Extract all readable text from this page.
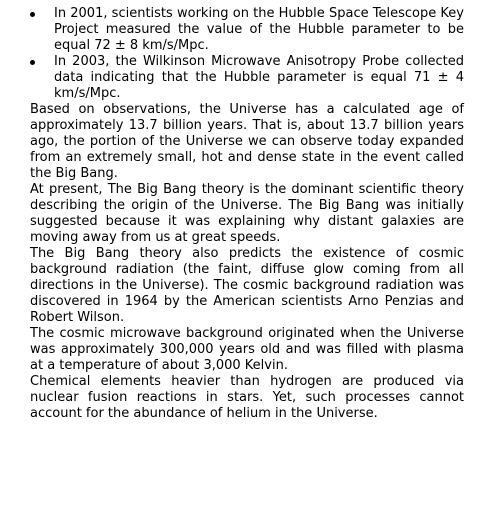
In 2001, scientists working on the Hubble Space Telescope Key Project measured the value of the Hubble parameter to be equal 72 ± 8 km/s/Mpc.
In 2003, the Wilkinson Microwave Anisotropy Probe collected data indicating that the Hubble parameter is equal 71 ± 4 km/s/Mpc.

Based on observations, the Universe has a calculated age of approximately 13.7 billion years. That is, about 13.7 billion years ago, the portion of the Universe we can observe today expanded from an extremely small, hot and dense state in the event called the Big Bang.

At present, The Big Bang theory is the dominant scientific theory describing the origin of the Universe. The Big Bang was initially suggested because it was explaining why distant galaxies are moving away from us at great speeds.

The Big Bang theory also predicts the existence of cosmic background radiation (the faint, diffuse glow coming from all directions in the Universe). The cosmic background radiation was discovered in 1964 by the American scientists Arno Penzias and Robert Wilson.

The cosmic microwave background originated when the Universe was approximately 300,000 years old and was filled with plasma at a temperature of about 3,000 Kelvin.

Chemical elements heavier than hydrogen are produced via nuclear fusion reactions in stars. Yet, such processes cannot account for the abundance of helium in the Universe.
